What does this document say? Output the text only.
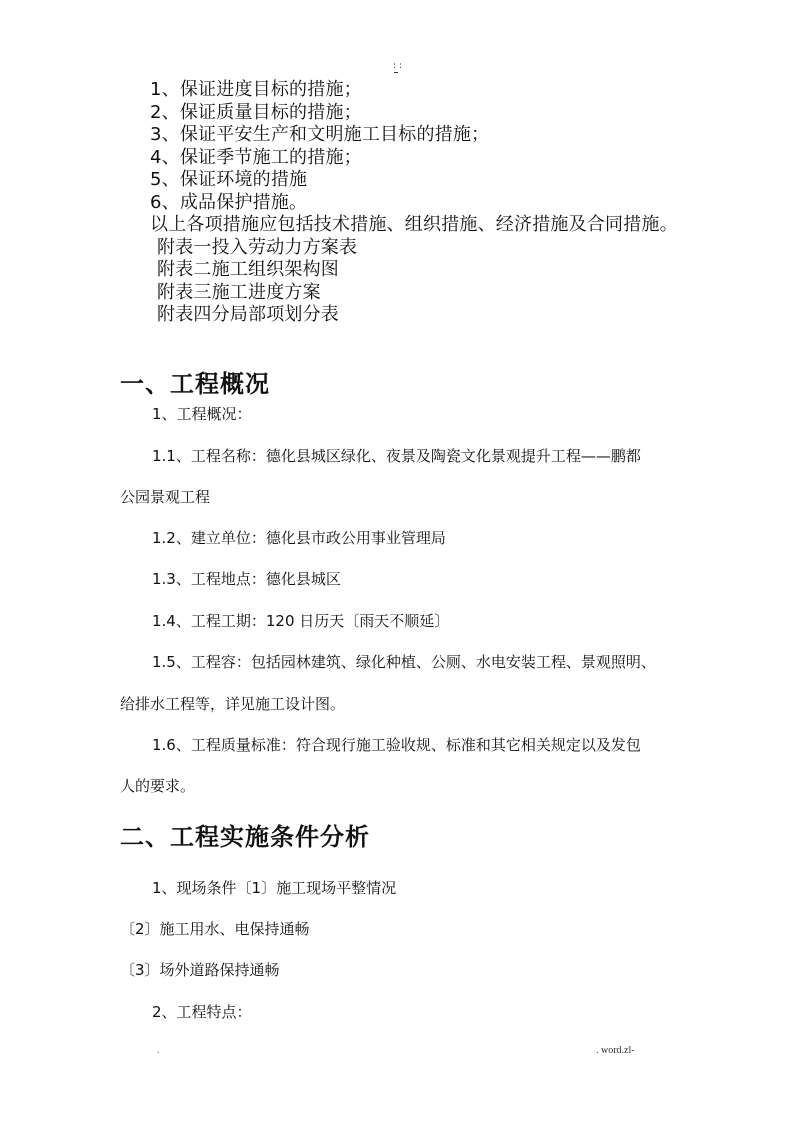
: :
1、保证进度目标的措施；
2、保证质量目标的措施；
3、保证平安生产和文明施工目标的措施；
4、保证季节施工的措施；
5、保证环境的措施
6、成品保护措施。
以上各项措施应包括技术措施、组织措施、经济措施及合同措施。
附表一投入劳动力方案表
附表二施工组织架构图
附表三施工进度方案
附表四分局部项划分表
一、工程概况
1、工程概况：
1.1、工程名称：德化县城区绿化、夜景及陶瓷文化景观提升工程——鹏都
公园景观工程
1.2、建立单位：德化县市政公用事业管理局
1.3、工程地点：德化县城区
1.4、工程工期：120 日历天〔雨天不顺延〕
1.5、工程容：包括园林建筑、绿化种植、公厕、水电安装工程、景观照明、
给排水工程等，详见施工设计图。
1.6、工程质量标准：符合现行施工验收规、标准和其它相关规定以及发包
人的要求。
二、工程实施条件分析
1、现场条件〔1〕施工现场平整情况
〔2〕施工用水、电保持通畅
〔3〕场外道路保持通畅
2、工程特点：
.	. word.zl-
